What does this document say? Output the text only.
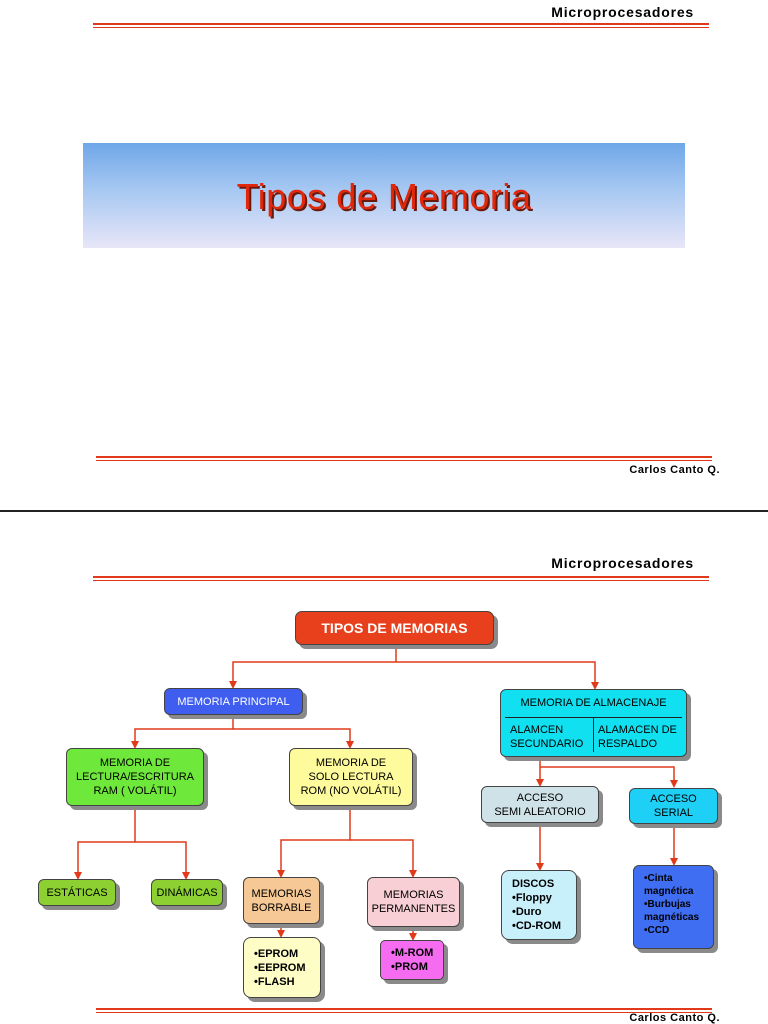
Microprocesadores
Tipos de Memoria
Carlos Canto Q.
Microprocesadores
TIPOS DE MEMORIAS
MEMORIA PRINCIPAL	MEMORIA DE ALMACENAJE
ALAMCEN
SECUNDARIO
ALAMACEN DE
RESPALDO
MEMORIA DE
LECTURA/ESCRITURA
RAM ( VOLÁTIL)
MEMORIA DE
SOLO LECTURA
ROM (NO VOLÁTIL)
ESTÁTICAS	DINÁMICAS	MEMORIAS
BORRABLE
MEMORIAS
PERMANENTES
•EPROM
•EEPROM
•FLASH
•M-ROM
•PROM
ACCESO
SEMI ALEATORIO
ACCESO
SERIAL
DISCOS
•Floppy
•Duro
•CD-ROM
•Cinta
magnética
•Burbujas
magnéticas
•CCD
Carlos Canto Q.
